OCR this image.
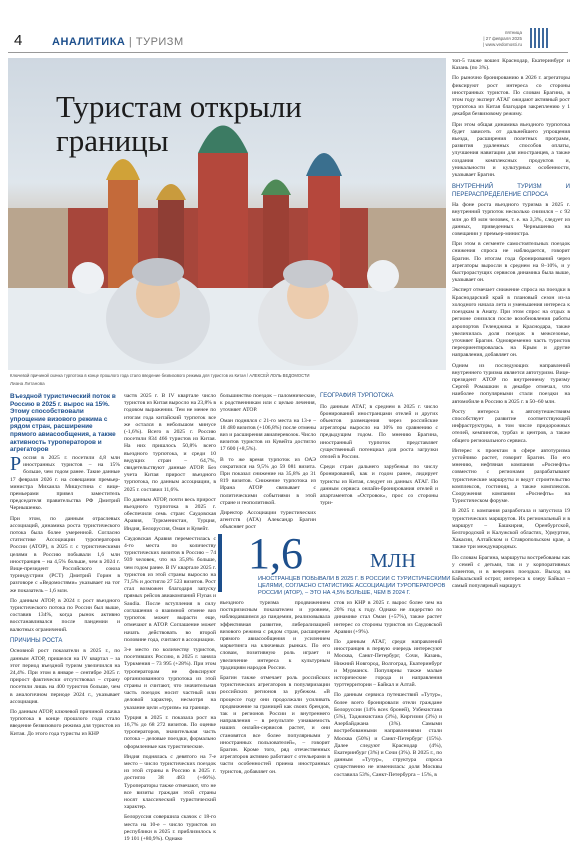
4	АНАЛИТИКА | ТУРИЗМ
пятница
| 27 февраля 2025
| www.vedomosti.ru
Туристам открыли
границы
Ключевой причиной скачка турпотока в конце прошлого года стало введение безвизового режима для туристов из Китая / АЛЕКСЕЙ ЛОЛЬ ВЕДОМОСТИ
Лиана Литанова
Въездной туристический поток в Россию в 2025 г. вырос на 15%. Этому способствовали упрощение визового режима с рядом стран, расширение прямого авиасообщения, а также активность туроператоров и агрегаторов

Россия в 2025 г. посетили 4,8 млн иностранных туристов – на 15% больше, чем годом ранее. Такие данные 17 февраля 2026 г. на совещании премьер-министра Михаила Мишустина с вице-премьерами привел заместитель председателя правительства РФ Дмитрий Чернышенко.

При этом, по данным отраслевых ассоциаций, динамика роста туристического потока была более умеренной. Согласно статистике Ассоциации туроператоров России (АТОР), в 2025 г. с туристическими целями в Россию побывали 1,6 млн иностранцев – на 4,5% больше, чем в 2024 г. Вице-президент Российского союза туриндустрии (РСТ) Дмитрий Горин в разговоре с «Ведомостями» указывает на тот же показатель – 1,6 млн.

По данным АТОР, в 2024 г. рост въездного туристического потока по России был выше, составив 134%, когда рынок активно восстанавливался после пандемии и валютных ограничений.

ПРИЧИНЫ РОСТА

Основной рост показатели в 2025 г., по данным АТОР, пришелся на IV квартал – за этот период въездной туризм увеличился на 24,4%. При этом в январе – сентябре 2025 г. прирост фактически отсутствовал – страну посетили лишь на 400 туристов больше, чем в аналогичном периоде 2024 г., указывает ассоциация.

По данным АТОР, ключевой причиной скачка турпотока в конце прошлого года стало введение безвизового режима для туристов из Китая. До этого года туристы из КНР

частв 2025 г. В IV квартале число туристов из Китая выросло на 23,8% в годовом выражении. Тем не менее по итогам года китайский турпоток все же остался в небольшом минусе (-1,6%). Всего в 2025 г. Россию посетили 834 466 туристов из Китая. На них пришлось 50,8% всего въездного турпотока, и среди 10 ведущих стран – 64,7%, свидетельствуют данные АТОР. Без учета Китая прирост въездного турпотока, по данным ассоциации, в 2025 г. составил 11,6%.

По данным АТОР, почти весь прирост въездного турпотока в 2025 г. обеспечили семь стран: Саудовская Аравия, Туркменистан, Турция, Индия, Белоруссия, Оман и Кувейт.

Саудовская Аравия переместилась с 4-го места по количеству туристических визитов в Россию – 74 939 человек, что на 35,8% больше, чем годом ранее. В IV квартале 2025 г. туристов из этой страны выросло на 71,5% и достигло 27 523 визитов. Рост стал возможен благодаря запуску прямых рейсов авиакомпаний Flynas и Saudia. После вступления в силу соглашения о взаимной отмене виз турпоток может вырасти еще, отмечают в АТОР. Соглашение может начать действовать во второй половине года, считают в ассоциации.

3-е место по количеству туристов, посетивших Россию, в 2025 г. заняла Туркмения – 73 995 (+28%). При этом туроператорам не фиксируют организованного турпотока из этой страны и считают, что значительная часть поездок носит частный или деловой характер, несмотря на указание цели «туризм» на границе.

Турция в 2025 г. показала рост на 16,7% до 68 272 визитов. По оценке туроператоров, значительная часть потока – деловые поездки, формально оформленные как туристические.

Индия поднялась с девятого на 7-е место – число туристических поездок из этой страны в Россию в 2025 г. достигло 38 483 (+66%). Туроператоры также отмечают, что не все визиты граждан этой страны носят классический туристический характер.

Белоруссия совершила скачок с 18-го места на 10-е – число туристов из республики в 2025 г. приблизилось к 19 101 (+80,9%). Однако

большинство поездок – паломнические, к родственникам или с целью лечения, уточняет АТОР.

Оман поднялся с 21-го места на 13-е – 18 480 визитов (+106,8%) после отмены виз и расширения авиаперевозок. Число визитов туристов из Кувейта достигло 17 600 (+8,5%).

В то же время турпоток из ОАЭ сократился на 9,5% до 59 081 визита. При показал снижение на 35,8% до 31 819 визитов. Снижение турпотока из Ирана АТОР связывает с политическими событиями в этой стране и геополитикой.

Директор Ассоциации туристических агентств (АТА) Александр Брагин объясняет рост

ГЕОГРАФИЯ ТУРПОТОКА

По данным АТАГ, в среднем в 2025 г. число бронирований иностранцами отелей и других объектов размещения через российские агрегаторы выросло на 10% по сравнению с предыдущим годом. По мнению Брагина, иностранный турпоток представляет существенный потенциал для роста загрузки отелей в России.

Среди стран дальнего зарубежья по числу бронирований, как и годом ранее, лидирует туристы из Китая, следует из данных АТАГ. По данным сервиса онлайн-бронирования отелей и апартаментов «Островок», прос со стороны тури-

1,6	МЛН
ИНОСТРАНЦЕВ ПОБЫВАЛИ В 2025 Г. В РОССИИ С ТУРИСТИЧЕСКИМИ ЦЕЛЯМИ, СОГЛАСНО СТАТИСТИКЕ АССОЦИАЦИИ ТУРОПЕРАТОРОВ РОССИИ (АТОР), – ЭТО НА 4,5% БОЛЬШЕ, ЧЕМ В 2024 Г.

въездного туризма продвижением посткризисным показателем и уровнем, наблюдавшимся до пандемии, реализовывала эффективная развитие, либерализацией визового режима с рядом стран, расширение прямого авиасообщения и усилением маркетинга на ключевых рынках. По его словам, позитивную роль играет и увеличение интереса к культурным традициям народов России.

Брагин также отмечает роль российских туристических агрегаторов в популяризации российских регионов за рубежом. «В процессе году они продолжали усиливать продвижение за границей как своих брендов, так и регионов России и внутреннего направления – в результате узнаваемость наших онлайн-сервисов растет, и они становятся все более популярными у иностранных пользователей», – говорит Брагин. Кроме того, ряд отечественных агрегаторов активно работают с отельерами в части особенностей приема иностранных туристов, добавляет он.

стов из КНР в 2025 г. вырос более чем на 20% год к году. Однако не лидерство по динамике стал Оман (+57%), также растет интерес со стороны туристов из Саудовской Аравии (+9%).

По данным АТАГ, среди направлений иностранцев в первую очередь интересуют Москва, Санкт-Петербург, Сочи, Казань, Нижний Новгород, Волгоград, Екатеринбург и Мурманск. Популярны также малые исторические города и направления турттерритории – Байкал и Алтай.

По данным сервиса путешествий «Тутур», более всего бронировали отели граждане Белоруссии (14% всех броней), Узбекистана (5%), Таджикистана (3%), Киргизии (3%) и Азербайджана (3%). Самыми востребованными направлениями стали Москва (50%) и Санкт-Петербург (15%). Далее следуют Краснодар (4%), Екатеринбург (3%) и Сочи (3%). В 2025 г., по данным «Тутур», структура спроса существенно не изменилась: доля Москвы составила 53%, Санкт-Петербурга – 15%, в

топ-5 также вошел Краснодар, Екатеринбург и Казань (по 3%).

По рыночно бронированию в 2026 г. агрегаторы фиксируют рост интереса со стороны иностранных туристов. По словам Брагина, в этом году эксперт АТАГ ожидают активный рост турпотока из Китая благодаря закреплению у 1 декабря безвизовому режиму.

При этом общая динамика въездного турпотока будет зависеть от дальнейшего упрощения въезда, расширения полетных программ, развития удаленных способов оплаты, улучшения навигации для иностранцев, а также создания комплексных продуктов и, уникальности и культурных особенности, указывает Брагин.

ВНУТРЕННИЙ ТУРИЗМ И ПЕРЕРАСПРЕДЕЛЕНИЕ СПРОСА

На фоне роста въездного туризма в 2025 г. внутренний турпоток несколько снизился – с 92 млн до 89 млн человек, т. е. на 3,3%, следует из данных, приведенных Чернышенко на совещании у премьер-министра.

При этом в сегменте самостоятельных поездок снижения спроса не наблюдается, говорит Брагин. По итогам года бронирований через агрегаторы выросли в среднем на 8–10%, и у быстрорастущих сервисов динамика была выше, указывает он.

Эксперт отмечает снижение спроса на поездки в Краснодарский край в плановый сезон из-за холодного начала лета и уменьшения интереса к поездкам в Анапу. При этом спрос на отдых в регионе снизился после возобновления работы аэропортов Геленджика и Краснодара, также увеличилась доля поездок в межсезонье, уточняет Брагин. Одновременно часть туристов переориентировалась на Крым и другие направления, добавляет он.

Одним из последующих направлений внутреннего туризма является автотуризм. Вице-президент АТОР по внутреннему туризму Сергей Ромашкин в декабре отмечал, что наиболее популярными стали поездки на автомобиле в Россию в 2025 г. в 50–60 млн.

Росту интереса к автопутешествиям способствует развитие соответствующей инфраструктуры, в том числе придорожных отелей, кемпингов, турбаз и центров, а также общего регионального сервиса.

Интерес к проектам в сфере автотуризма устойчиво растет, говорит Брагин. По его мнению, нефтяная компания «Роснефть» совместно с регионами разрабатывают туристические маршруты и ведут строительство комплексов, гостиниц, а также комплексов. Сооружения компании «Роснефть» на Туристическом форуме.

В 2025 г. компания разработала и запустила 19 туристических маршрутов. Их региональный и в маршрут – Башкирия, Оренбургской, Белгородской и Калужской областях, Удмуртии, Хакасии, Алтайском и Ставропольском крае, а также три международных.

По словам Брагина, маршруты востребованы как у семей с детьми, так и у корпоративных клиентов, и в вечерних поездках. Выход на Байкальский острог, интереса к озеру Байкал – самый популярный маршрут.
